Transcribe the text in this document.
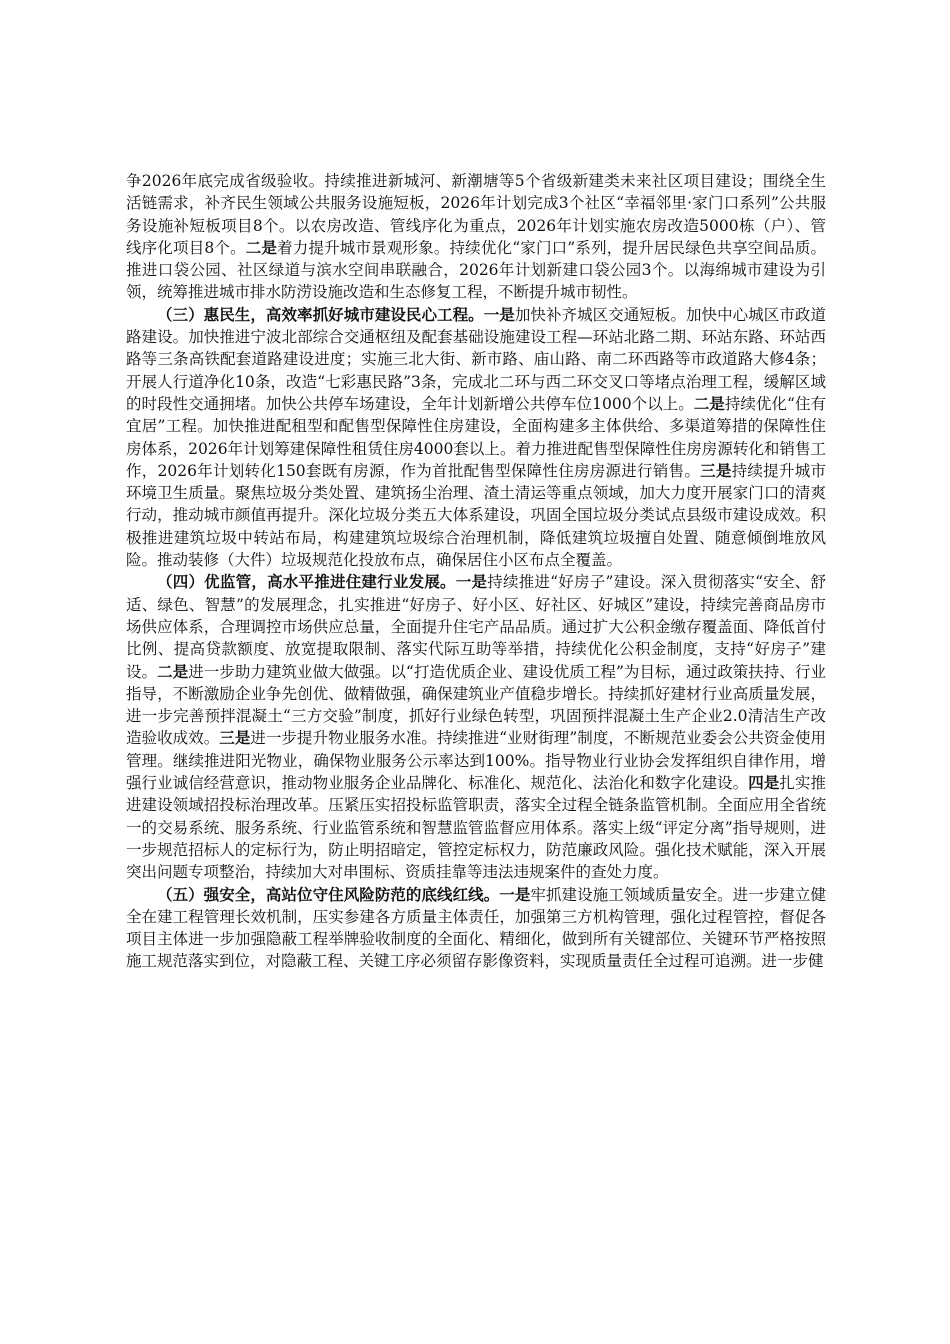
争2026年底完成省级验收。持续推进新城河、新潮塘等5个省级新建类未来社区项目建设；围绕全生活链需求，补齐民生领域公共服务设施短板，2026年计划完成3个社区“幸福邻里·家门口系列”公共服务设施补短板项目8个。以农房改造、管线序化为重点，2026年计划实施农房改造5000栋（户）、管线序化项目8个。二是着力提升城市景观形象。持续优化“家门口”系列，提升居民绿色共享空间品质。推进口袋公园、社区绿道与滨水空间串联融合，2026年计划新建口袋公园3个。以海绵城市建设为引领，统筹推进城市排水防涝设施改造和生态修复工程，不断提升城市韧性。

（三）惠民生，高效率抓好城市建设民心工程。一是加快补齐城区交通短板。加快中心城区市政道路建设。加快推进宁波北部综合交通枢纽及配套基础设施建设工程—环站北路二期、环站东路、环站西路等三条高铁配套道路建设进度；实施三北大街、新市路、庙山路、南二环西路等市政道路大修4条；开展人行道净化10条，改造“七彩惠民路”3条，完成北二环与西二环交叉口等堵点治理工程，缓解区域的时段性交通拥堵。加快公共停车场建设，全年计划新增公共停车位1000个以上。二是持续优化“住有宜居”工程。加快推进配租型和配售型保障性住房建设，全面构建多主体供给、多渠道筹措的保障性住房体系，2026年计划筹建保障性租赁住房4000套以上。着力推进配售型保障性住房房源转化和销售工作，2026年计划转化150套既有房源，作为首批配售型保障性住房房源进行销售。三是持续提升城市环境卫生质量。聚焦垃圾分类处置、建筑扬尘治理、渣土清运等重点领域，加大力度开展家门口的清爽行动，推动城市颜值再提升。深化垃圾分类五大体系建设，巩固全国垃圾分类试点县级市建设成效。积极推进建筑垃圾中转站布局，构建建筑垃圾综合治理机制，降低建筑垃圾擅自处置、随意倾倒堆放风险。推动装修（大件）垃圾规范化投放布点，确保居住小区布点全覆盖。

（四）优监管，高水平推进住建行业发展。一是持续推进“好房子”建设。深入贯彻落实“安全、舒适、绿色、智慧”的发展理念，扎实推进“好房子、好小区、好社区、好城区”建设，持续完善商品房市场供应体系，合理调控市场供应总量，全面提升住宅产品品质。通过扩大公积金缴存覆盖面、降低首付比例、提高贷款额度、放宽提取限制、落实代际互助等举措，持续优化公积金制度，支持“好房子”建设。二是进一步助力建筑业做大做强。以“打造优质企业、建设优质工程”为目标，通过政策扶持、行业指导，不断激励企业争先创优、做精做强，确保建筑业产值稳步增长。持续抓好建材行业高质量发展，进一步完善预拌混凝土“三方交验”制度，抓好行业绿色转型，巩固预拌混凝土生产企业2.0清洁生产改造验收成效。三是进一步提升物业服务水准。持续推进“业财街理”制度，不断规范业委会公共资金使用管理。继续推进阳光物业，确保物业服务公示率达到100%。指导物业行业协会发挥组织自律作用，增强行业诚信经营意识，推动物业服务企业品牌化、标准化、规范化、法治化和数字化建设。四是扎实推进建设领域招投标治理改革。压紧压实招投标监管职责，落实全过程全链条监管机制。全面应用全省统一的交易系统、服务系统、行业监管系统和智慧监管监督应用体系。落实上级“评定分离”指导规则，进一步规范招标人的定标行为，防止明招暗定，管控定标权力，防范廉政风险。强化技术赋能，深入开展突出问题专项整治，持续加大对串围标、资质挂靠等违法违规案件的查处力度。

（五）强安全，高站位守住风险防范的底线红线。一是牢抓建设施工领域质量安全。进一步建立健全在建工程管理长效机制，压实参建各方质量主体责任，加强第三方机构管理，强化过程管控，督促各项目主体进一步加强隐蔽工程举牌验收制度的全面化、精细化，做到所有关键部位、关键环节严格按照施工规范落实到位，对隐蔽工程、关键工序必须留存影像资料，实现质量责任全过程可追溯。进一步健
